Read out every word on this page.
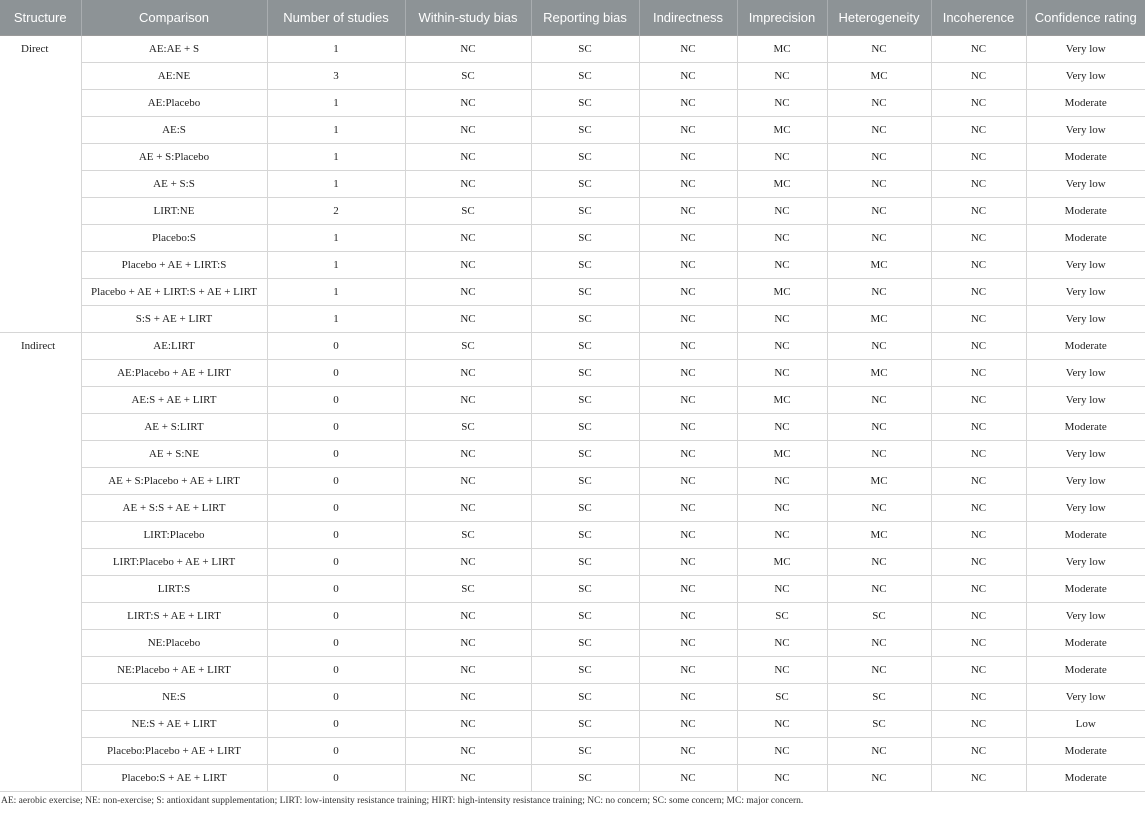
Structure	Comparison	Number of studies	Within-study bias	Reporting bias	Indirectness	Imprecision	Heterogeneity	Incoherence	Confidence rating
Direct	AE:AE + S	1	NC	SC	NC	MC	NC	NC	Very low
	AE:NE	3	SC	SC	NC	NC	MC	NC	Very low
	AE:Placebo	1	NC	SC	NC	NC	NC	NC	Moderate
	AE:S	1	NC	SC	NC	MC	NC	NC	Very low
	AE + S:Placebo	1	NC	SC	NC	NC	NC	NC	Moderate
	AE + S:S	1	NC	SC	NC	MC	NC	NC	Very low
	LIRT:NE	2	SC	SC	NC	NC	NC	NC	Moderate
	Placebo:S	1	NC	SC	NC	NC	NC	NC	Moderate
	Placebo + AE + LIRT:S	1	NC	SC	NC	NC	MC	NC	Very low
	Placebo + AE + LIRT:S + AE + LIRT	1	NC	SC	NC	MC	NC	NC	Very low
	S:S + AE + LIRT	1	NC	SC	NC	NC	MC	NC	Very low
Indirect	AE:LIRT	0	SC	SC	NC	NC	NC	NC	Moderate
	AE:Placebo + AE + LIRT	0	NC	SC	NC	NC	MC	NC	Very low
	AE:S + AE + LIRT	0	NC	SC	NC	MC	NC	NC	Very low
	AE + S:LIRT	0	SC	SC	NC	NC	NC	NC	Moderate
	AE + S:NE	0	NC	SC	NC	MC	NC	NC	Very low
	AE + S:Placebo + AE + LIRT	0	NC	SC	NC	NC	MC	NC	Very low
	AE + S:S + AE + LIRT	0	NC	SC	NC	NC	NC	NC	Very low
	LIRT:Placebo	0	SC	SC	NC	NC	MC	NC	Moderate
	LIRT:Placebo + AE + LIRT	0	NC	SC	NC	MC	NC	NC	Very low
	LIRT:S	0	SC	SC	NC	NC	NC	NC	Moderate
	LIRT:S + AE + LIRT	0	NC	SC	NC	SC	SC	NC	Very low
	NE:Placebo	0	NC	SC	NC	NC	NC	NC	Moderate
	NE:Placebo + AE + LIRT	0	NC	SC	NC	NC	NC	NC	Moderate
	NE:S	0	NC	SC	NC	SC	SC	NC	Very low
	NE:S + AE + LIRT	0	NC	SC	NC	NC	SC	NC	Low
	Placebo:Placebo + AE + LIRT	0	NC	SC	NC	NC	NC	NC	Moderate
	Placebo:S + AE + LIRT	0	NC	SC	NC	NC	NC	NC	Moderate
AE: aerobic exercise; NE: non-exercise; S: antioxidant supplementation; LIRT: low-intensity resistance training; HIRT: high-intensity resistance training; NC: no concern; SC: some concern; MC: major concern.
